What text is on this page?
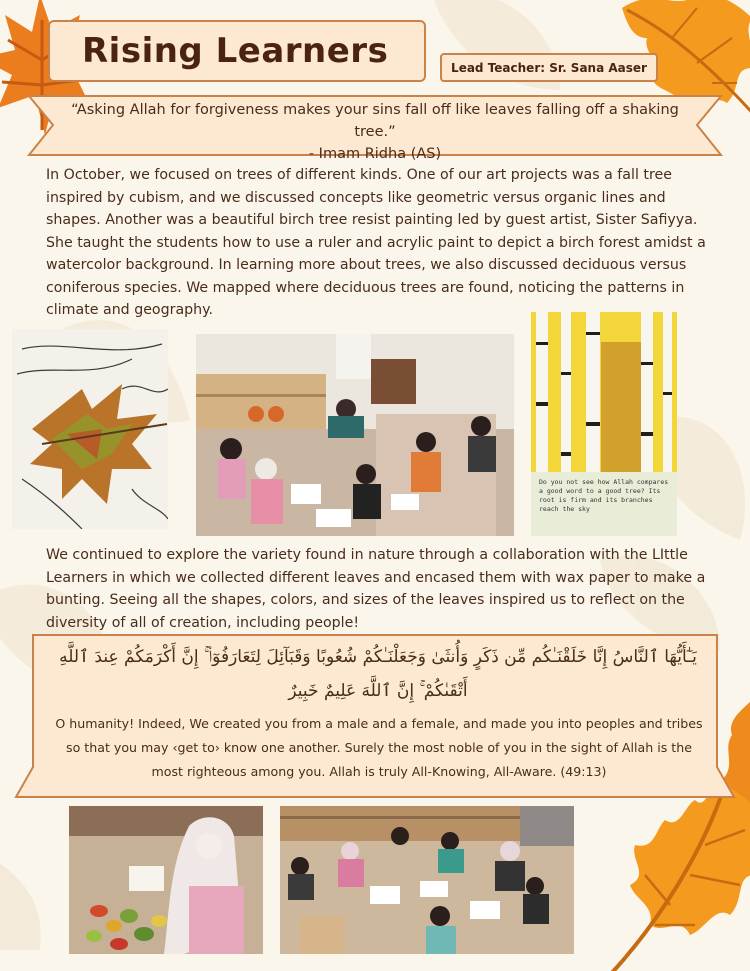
Rising Learners	Lead Teacher: Sr. Sana Aaser
“Asking Allah for forgiveness makes your sins fall off like leaves falling off a shaking tree.”
- Imam Ridha (AS)

In October, we focused on trees of different kinds. One of our art projects was a fall tree inspired by cubism, and we discussed concepts like geometric versus organic lines and shapes. Another was a beautiful birch tree resist painting led by guest artist, Sister Safiyya. She taught the students how to use a ruler and acrylic paint to depict a birch forest amidst a watercolor background. In learning more about trees, we also discussed deciduous versus coniferous species. We mapped where deciduous trees are found, noticing the patterns in climate and geography.

Do you not see how Allah compares a good word to a good tree? Its root is firm and its branches reach the sky

We continued to explore the variety found in nature through a collaboration with the LIttle Learners in which we collected different leaves and encased them with wax paper to make a bunting. Seeing all the shapes, colors, and sizes of the leaves inspired us to reflect on the diversity of all of creation, including people!

يَـٰٓأَيُّهَا ٱلنَّاسُ إِنَّا خَلَقْنَـٰكُم مِّن ذَكَرٍ وَأُنثَىٰ وَجَعَلْنَـٰكُمْ شُعُوبًا وَقَبَآئِلَ لِتَعَارَفُوٓا۟ ۚ إِنَّ أَكْرَمَكُمْ عِندَ ٱللَّهِ أَتْقَىٰكُمْ ۚ إِنَّ ٱللَّهَ عَلِيمٌ خَبِيرٌ
O humanity! Indeed, We created you from a male and a female, and made you into peoples and tribes so that you may ‹get to› know one another. Surely the most noble of you in the sight of Allah is the most righteous among you. Allah is truly All-Knowing, All-Aware. (49:13)
